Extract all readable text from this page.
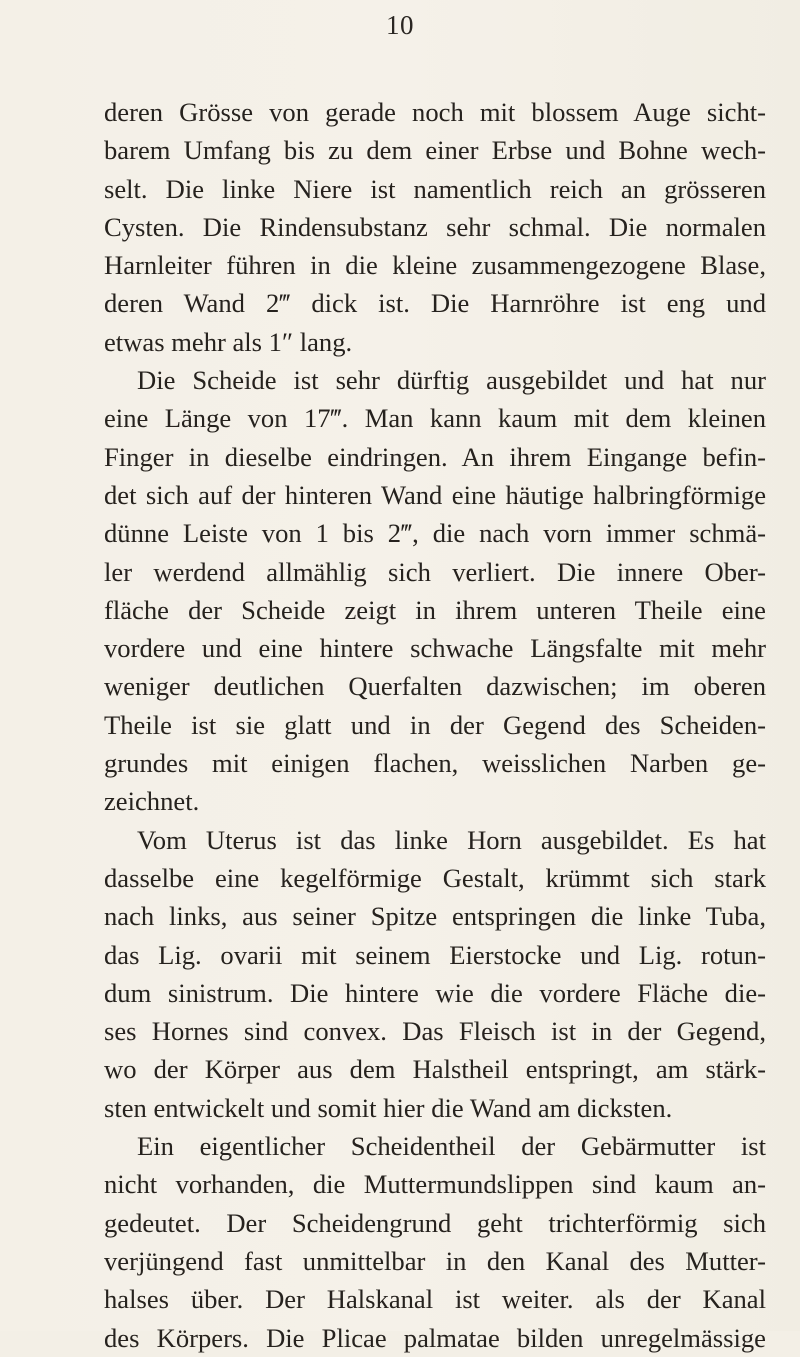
10
deren Grösse von gerade noch mit blossem Auge sicht-
barem Umfang bis zu dem einer Erbse und Bohne wech-
selt. Die linke Niere ist namentlich reich an grösseren
Cysten. Die Rindensubstanz sehr schmal. Die normalen
Harnleiter führen in die kleine zusammengezogene Blase,
deren Wand 2‴ dick ist. Die Harnröhre ist eng und
etwas mehr als 1″ lang.
Die Scheide ist sehr dürftig ausgebildet und hat nur
eine Länge von 17‴. Man kann kaum mit dem kleinen
Finger in dieselbe eindringen. An ihrem Eingange befin-
det sich auf der hinteren Wand eine häutige halbringförmige
dünne Leiste von 1 bis 2‴, die nach vorn immer schmä-
ler werdend allmählig sich verliert. Die innere Ober-
fläche der Scheide zeigt in ihrem unteren Theile eine
vordere und eine hintere schwache Längsfalte mit mehr
weniger deutlichen Querfalten dazwischen; im oberen
Theile ist sie glatt und in der Gegend des Scheiden-
grundes mit einigen flachen, weisslichen Narben ge-
zeichnet.
Vom Uterus ist das linke Horn ausgebildet. Es hat
dasselbe eine kegelförmige Gestalt, krümmt sich stark
nach links, aus seiner Spitze entspringen die linke Tuba,
das Lig. ovarii mit seinem Eierstocke und Lig. rotun-
dum sinistrum. Die hintere wie die vordere Fläche die-
ses Hornes sind convex. Das Fleisch ist in der Gegend,
wo der Körper aus dem Halstheil entspringt, am stärk-
sten entwickelt und somit hier die Wand am dicksten.
Ein eigentlicher Scheidentheil der Gebärmutter ist
nicht vorhanden, die Muttermundslippen sind kaum an-
gedeutet. Der Scheidengrund geht trichterförmig sich
verjüngend fast unmittelbar in den Kanal des Mutter-
halses über. Der Halskanal ist weiter. als der Kanal
des Körpers. Die Plicae palmatae bilden unregelmässige
